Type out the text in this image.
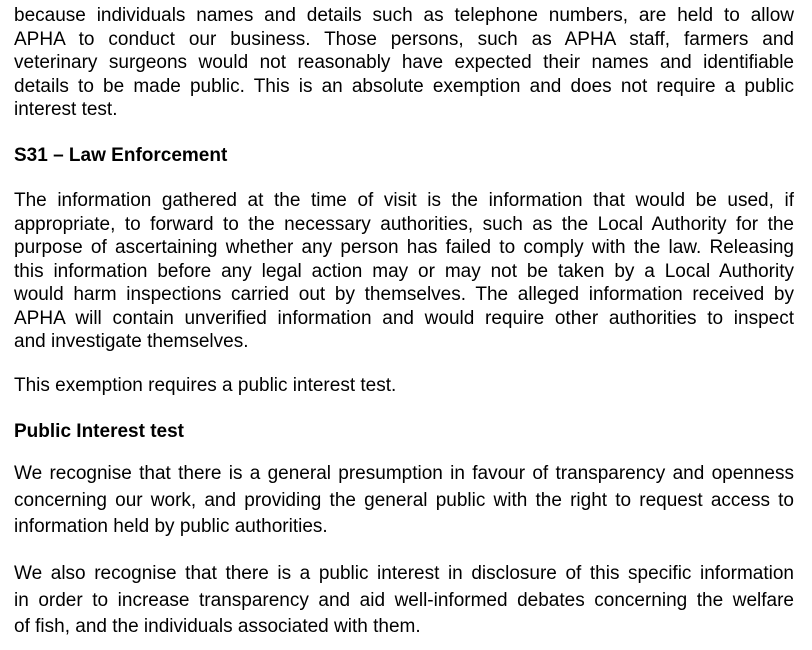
because individuals names and details such as telephone numbers, are held to allow
APHA to conduct our business. Those persons, such as APHA staff, farmers and
veterinary surgeons would not reasonably have expected their names and identifiable
details to be made public. This is an absolute exemption and does not require a public
interest test.
S31 – Law Enforcement
The information gathered at the time of visit is the information that would be used, if
appropriate, to forward to the necessary authorities, such as the Local Authority for the
purpose of ascertaining whether any person has failed to comply with the law. Releasing
this information before any legal action may or may not be taken by a Local Authority
would harm inspections carried out by themselves. The alleged information received by
APHA will contain unverified information and would require other authorities to inspect
and investigate themselves.
This exemption requires a public interest test.
Public Interest test
We recognise that there is a general presumption in favour of transparency and openness
concerning our work, and providing the general public with the right to request access to
information held by public authorities.
We also recognise that there is a public interest in disclosure of this specific information
in order to increase transparency and aid well-informed debates concerning the welfare
of fish, and the individuals associated with them.
